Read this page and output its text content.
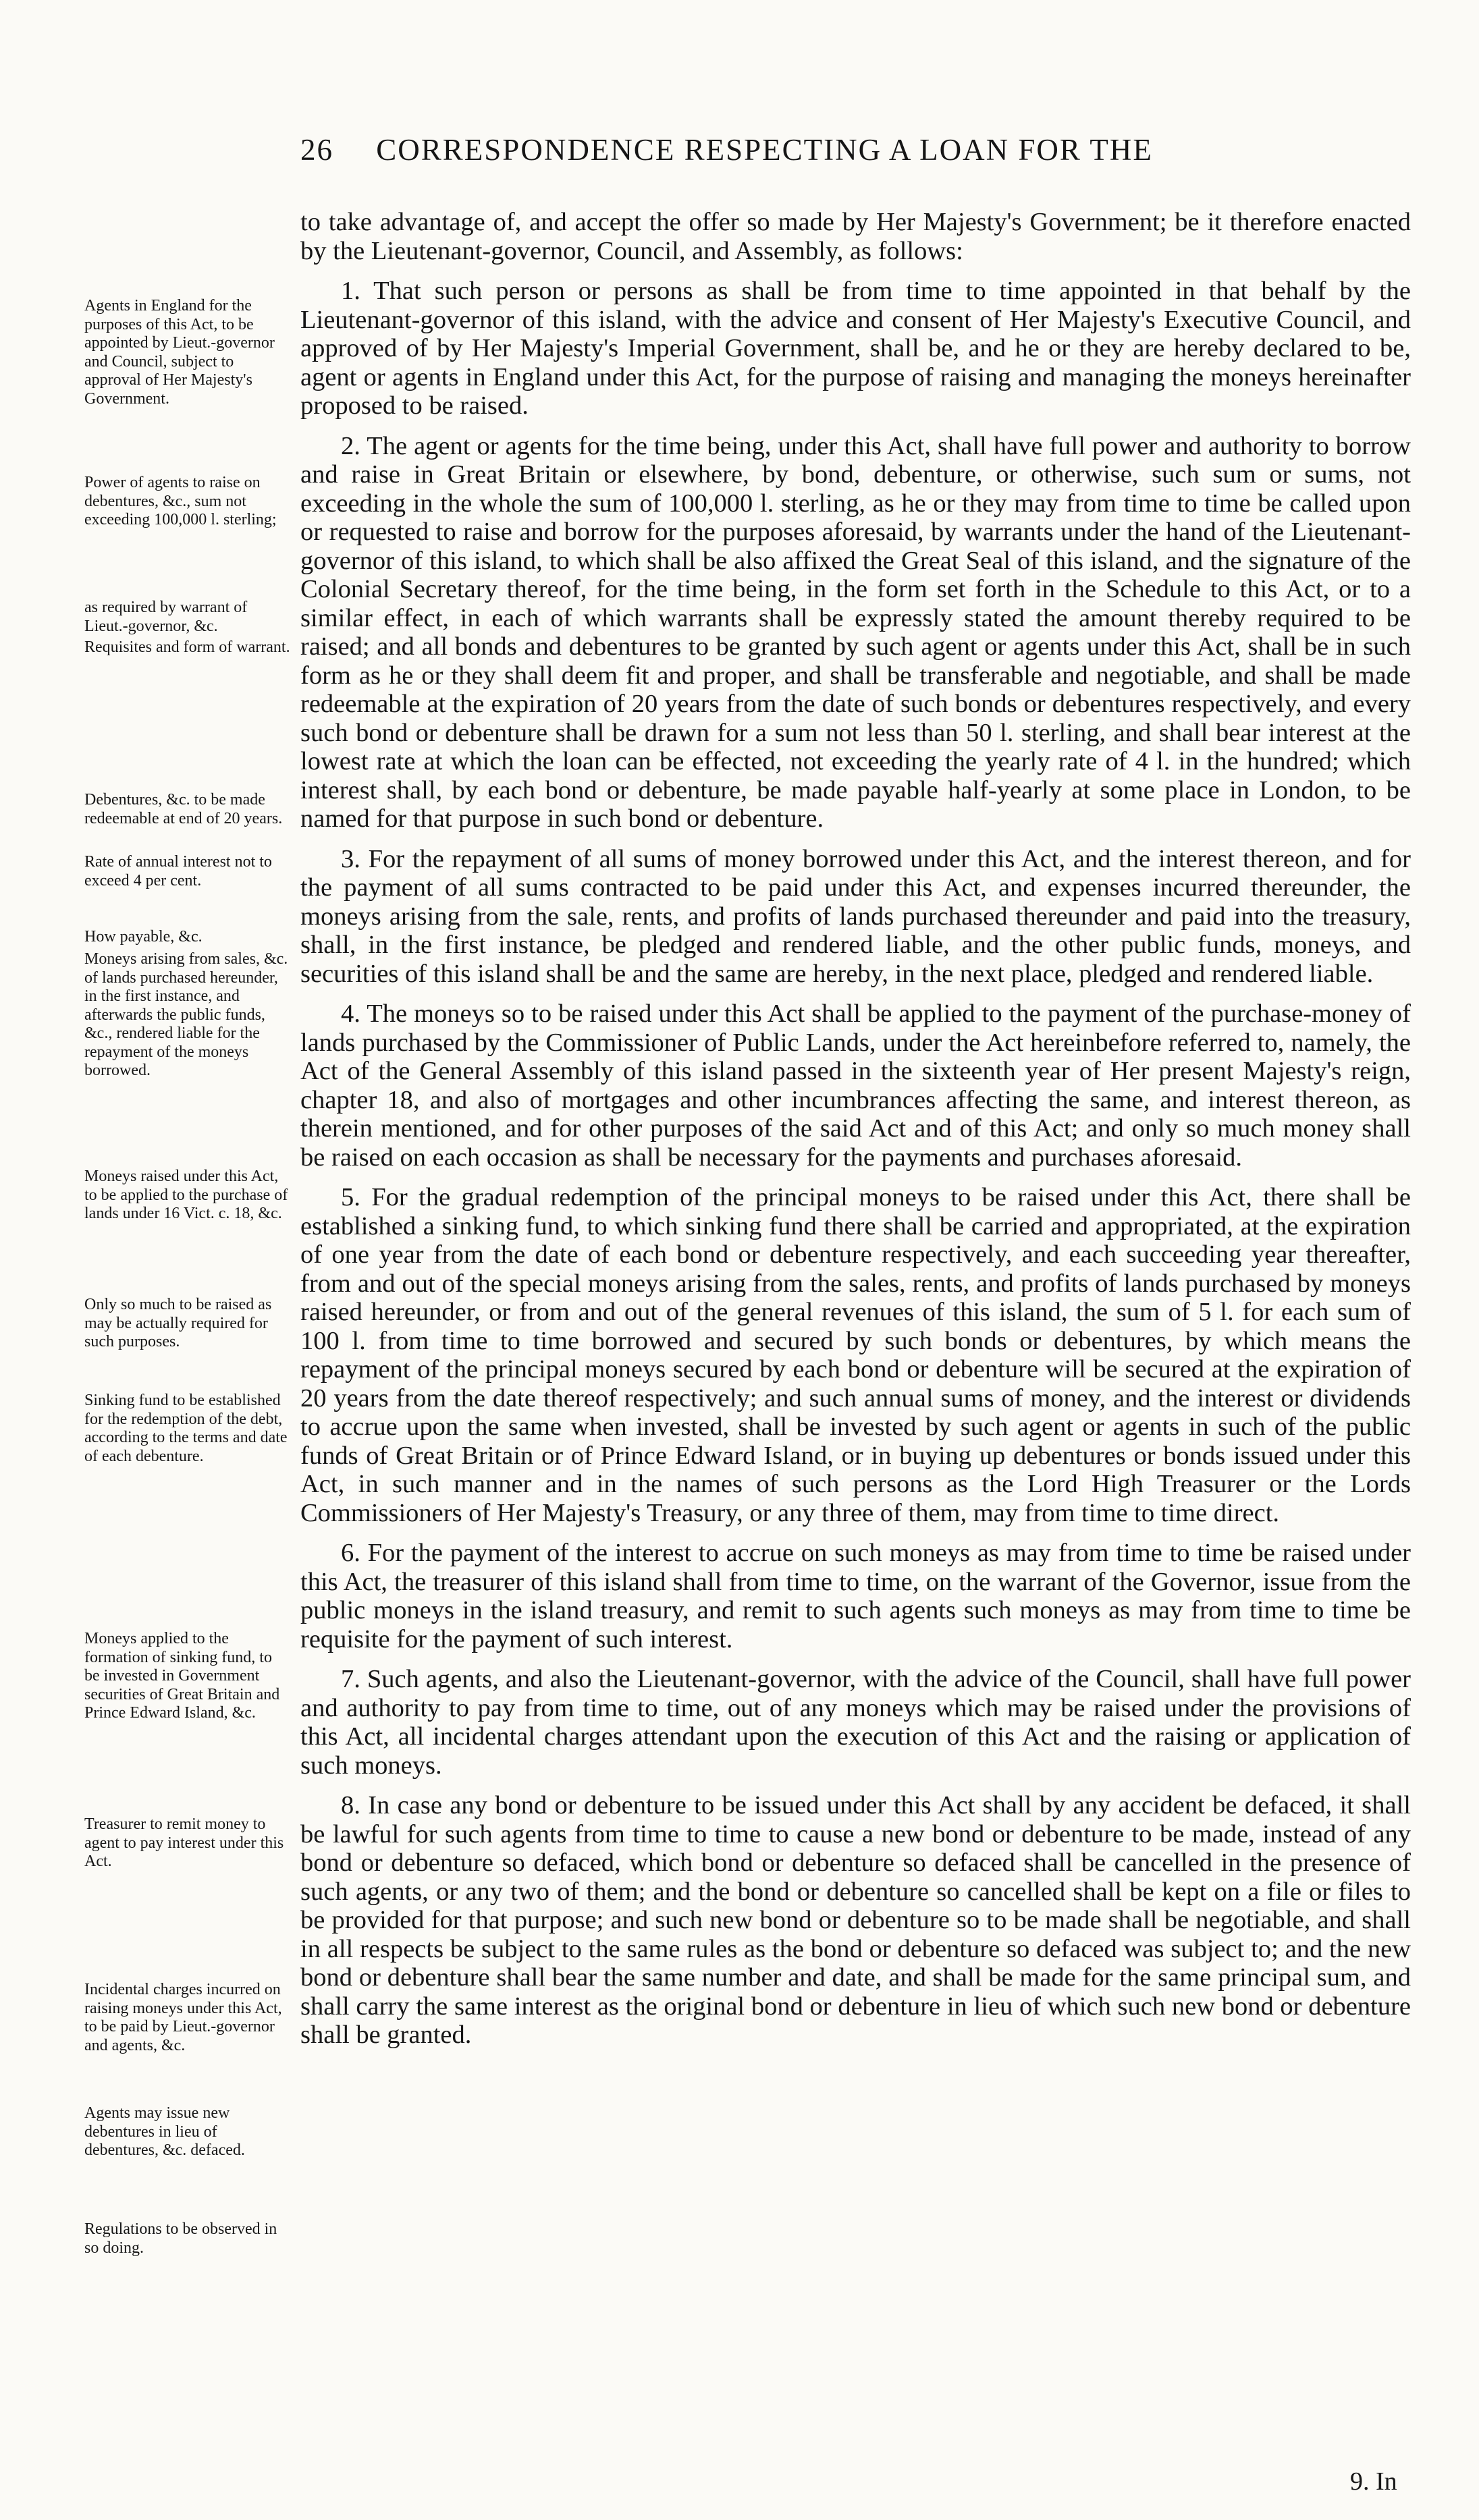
26 CORRESPONDENCE RESPECTING A LOAN FOR THE

to take advantage of, and accept the offer so made by Her Majesty's Government; be it therefore enacted by the Lieutenant-governor, Council, and Assembly, as follows:

1. That such person or persons as shall be from time to time appointed in that behalf by the Lieutenant-governor of this island, with the advice and consent of Her Majesty's Executive Council, and approved of by Her Majesty's Imperial Government, shall be, and he or they are hereby declared to be, agent or agents in England under this Act, for the purpose of raising and managing the moneys hereinafter proposed to be raised.

2. The agent or agents for the time being, under this Act, shall have full power and authority to borrow and raise in Great Britain or elsewhere, by bond, debenture, or otherwise, such sum or sums, not exceeding in the whole the sum of 100,000 l. sterling, as he or they may from time to time be called upon or requested to raise and borrow for the purposes aforesaid, by warrants under the hand of the Lieutenant-governor of this island, to which shall be also affixed the Great Seal of this island, and the signature of the Colonial Secretary thereof, for the time being, in the form set forth in the Schedule to this Act, or to a similar effect, in each of which warrants shall be expressly stated the amount thereby required to be raised; and all bonds and debentures to be granted by such agent or agents under this Act, shall be in such form as he or they shall deem fit and proper, and shall be transferable and negotiable, and shall be made redeemable at the expiration of 20 years from the date of such bonds or debentures respectively, and every such bond or debenture shall be drawn for a sum not less than 50 l. sterling, and shall bear interest at the lowest rate at which the loan can be effected, not exceeding the yearly rate of 4 l. in the hundred; which interest shall, by each bond or debenture, be made payable half-yearly at some place in London, to be named for that purpose in such bond or debenture.

3. For the repayment of all sums of money borrowed under this Act, and the interest thereon, and for the payment of all sums contracted to be paid under this Act, and expenses incurred thereunder, the moneys arising from the sale, rents, and profits of lands purchased thereunder and paid into the treasury, shall, in the first instance, be pledged and rendered liable, and the other public funds, moneys, and securities of this island shall be and the same are hereby, in the next place, pledged and rendered liable.

4. The moneys so to be raised under this Act shall be applied to the payment of the purchase-money of lands purchased by the Commissioner of Public Lands, under the Act hereinbefore referred to, namely, the Act of the General Assembly of this island passed in the sixteenth year of Her present Majesty's reign, chapter 18, and also of mortgages and other incumbrances affecting the same, and interest thereon, as therein mentioned, and for other purposes of the said Act and of this Act; and only so much money shall be raised on each occasion as shall be necessary for the payments and purchases aforesaid.

5. For the gradual redemption of the principal moneys to be raised under this Act, there shall be established a sinking fund, to which sinking fund there shall be carried and appropriated, at the expiration of one year from the date of each bond or debenture respectively, and each succeeding year thereafter, from and out of the special moneys arising from the sales, rents, and profits of lands purchased by moneys raised hereunder, or from and out of the general revenues of this island, the sum of 5 l. for each sum of 100 l. from time to time borrowed and secured by such bonds or debentures, by which means the repayment of the principal moneys secured by each bond or debenture will be secured at the expiration of 20 years from the date thereof respectively; and such annual sums of money, and the interest or dividends to accrue upon the same when invested, shall be invested by such agent or agents in such of the public funds of Great Britain or of Prince Edward Island, or in buying up debentures or bonds issued under this Act, in such manner and in the names of such persons as the Lord High Treasurer or the Lords Commissioners of Her Majesty's Treasury, or any three of them, may from time to time direct.

6. For the payment of the interest to accrue on such moneys as may from time to time be raised under this Act, the treasurer of this island shall from time to time, on the warrant of the Governor, issue from the public moneys in the island treasury, and remit to such agents such moneys as may from time to time be requisite for the payment of such interest.

7. Such agents, and also the Lieutenant-governor, with the advice of the Council, shall have full power and authority to pay from time to time, out of any moneys which may be raised under the provisions of this Act, all incidental charges attendant upon the execution of this Act and the raising or application of such moneys.

8. In case any bond or debenture to be issued under this Act shall by any accident be defaced, it shall be lawful for such agents from time to time to cause a new bond or debenture to be made, instead of any bond or debenture so defaced, which bond or debenture so defaced shall be cancelled in the presence of such agents, or any two of them; and the bond or debenture so cancelled shall be kept on a file or files to be provided for that purpose; and such new bond or debenture so to be made shall be negotiable, and shall in all respects be subject to the same rules as the bond or debenture so defaced was subject to; and the new bond or debenture shall bear the same number and date, and shall be made for the same principal sum, and shall carry the same interest as the original bond or debenture in lieu of which such new bond or debenture shall be granted.

Agents in England for the purposes of this Act, to be appointed by Lieut.-governor and Council, subject to approval of Her Majesty's Government.
Power of agents to raise on debentures, &c., sum not exceeding 100,000 l. sterling;
as required by warrant of Lieut.-governor, &c.
Requisites and form of warrant.
Debentures, &c. to be made redeemable at end of 20 years.
Rate of annual interest not to exceed 4 per cent.
How payable, &c.
Moneys arising from sales, &c. of lands purchased hereunder, in the first instance, and afterwards the public funds, &c., rendered liable for the repayment of the moneys borrowed.
Moneys raised under this Act, to be applied to the purchase of lands under 16 Vict. c. 18, &c.
Only so much to be raised as may be actually required for such purposes.
Sinking fund to be established for the redemption of the debt, according to the terms and date of each debenture.
Moneys applied to the formation of sinking fund, to be invested in Government securities of Great Britain and Prince Edward Island, &c.
Treasurer to remit money to agent to pay interest under this Act.
Incidental charges incurred on raising moneys under this Act, to be paid by Lieut.-governor and agents, &c.
Agents may issue new debentures in lieu of debentures, &c. defaced.
Regulations to be observed in so doing.
9. In
